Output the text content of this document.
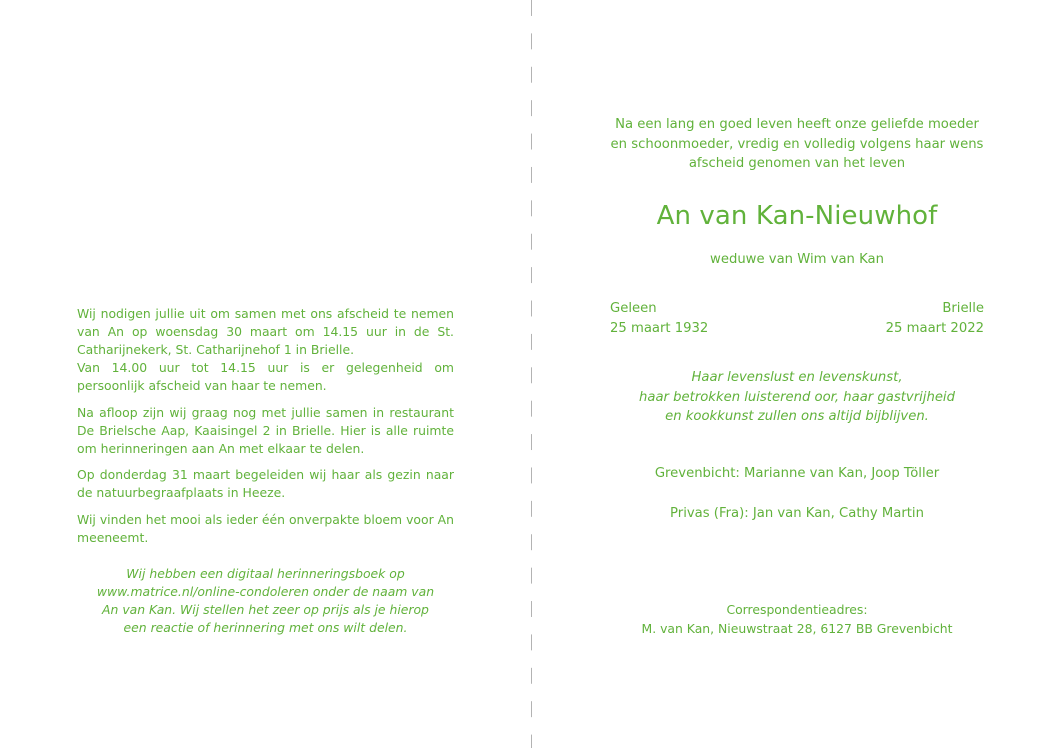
Wij nodigen jullie uit om samen met ons afscheid te nemen van An op woensdag 30 maart om 14.15 uur in de St. Catharijnekerk, St. Catharijnehof 1 in Brielle.

Van 14.00 uur tot 14.15 uur is er gelegenheid om persoonlijk afscheid van haar te nemen.

Na afloop zijn wij graag nog met jullie samen in restaurant De Brielsche Aap, Kaaisingel 2 in Brielle. Hier is alle ruimte om herinneringen aan An met elkaar te delen.

Op donderdag 31 maart begeleiden wij haar als gezin naar de natuurbegraafplaats in Heeze.

Wij vinden het mooi als ieder één onverpakte bloem voor An meeneemt.

Wij hebben een digitaal herinneringsboek op
www.matrice.nl/online-condoleren onder de naam van
An van Kan. Wij stellen het zeer op prijs als je hierop
een reactie of herinnering met ons wilt delen.
Na een lang en goed leven heeft onze geliefde moeder
en schoonmoeder, vredig en volledig volgens haar wens
afscheid genomen van het leven
An van Kan-Nieuwhof
weduwe van Wim van Kan
Geleen
25 maart 1932
Brielle
25 maart 2022
Haar levenslust en levenskunst,
haar betrokken luisterend oor, haar gastvrijheid
en kookkunst zullen ons altijd bijblijven.
Grevenbicht: Marianne van Kan, Joop Töller
Privas (Fra): Jan van Kan, Cathy Martin
Correspondentieadres:
M. van Kan, Nieuwstraat 28, 6127 BB Grevenbicht
